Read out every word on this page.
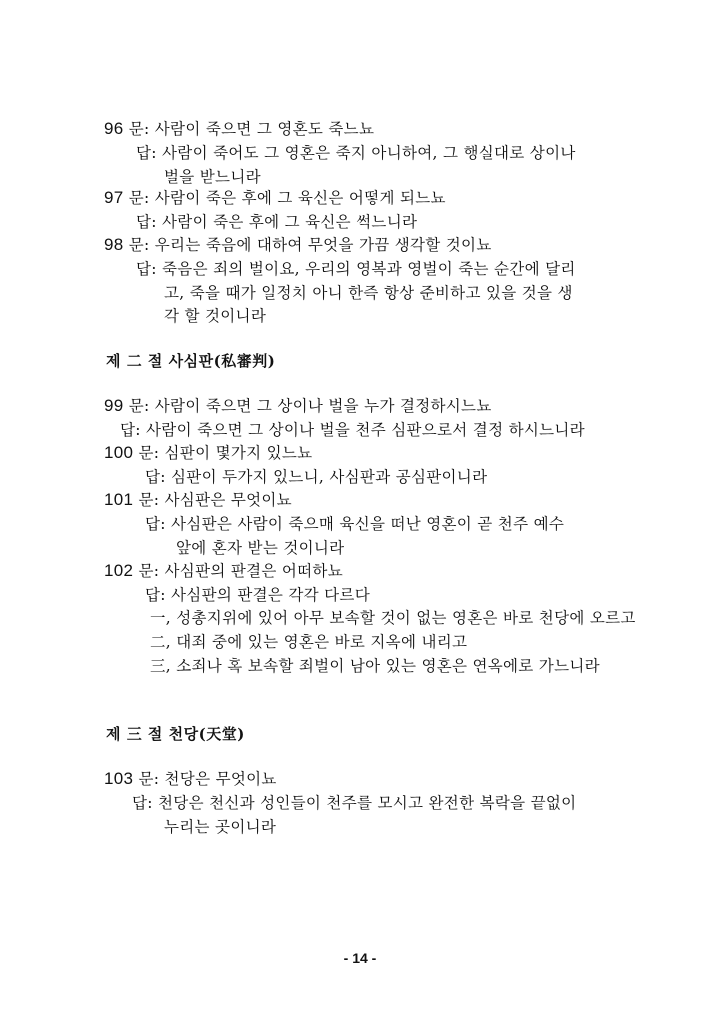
96 문: 사람이 죽으면 그 영혼도 죽느뇨
답: 사람이 죽어도 그 영혼은 죽지 아니하여, 그 행실대로 상이나
벌을 받느니라
97 문: 사람이 죽은 후에 그 육신은 어떻게 되느뇨
답: 사람이 죽은 후에 그 육신은 썩느니라
98 문: 우리는 죽음에 대하여 무엇을 가끔 생각할 것이뇨
답: 죽음은 죄의 벌이요, 우리의 영복과 영벌이 죽는 순간에 달리
고, 죽을 때가 일정치 아니 한즉 항상 준비하고 있을 것을 생
각 할 것이니라
제 二 절 사심판(私審判)
99 문: 사람이 죽으면 그 상이나 벌을 누가 결정하시느뇨
답: 사람이 죽으면 그 상이나 벌을 천주 심판으로서 결정 하시느니라
100 문: 심판이 몇가지 있느뇨
답: 심판이 두가지 있느니, 사심판과 공심판이니라
101 문: 사심판은 무엇이뇨
답: 사심판은 사람이 죽으매 육신을 떠난 영혼이 곧 천주 예수
앞에 혼자 받는 것이니라
102 문: 사심판의 판결은 어떠하뇨
답: 사심판의 판결은 각각 다르다
一, 성총지위에 있어 아무 보속할 것이 없는 영혼은 바로 천당에 오르고
二, 대죄 중에 있는 영혼은 바로 지옥에 내리고
三, 소죄나 혹 보속할 죄벌이 남아 있는 영혼은 연옥에로 가느니라
제 三 절 천당(天堂)
103 문: 천당은 무엇이뇨
답: 천당은 천신과 성인들이 천주를 모시고 완전한 복락을 끝없이
누리는 곳이니라
- 14 -
